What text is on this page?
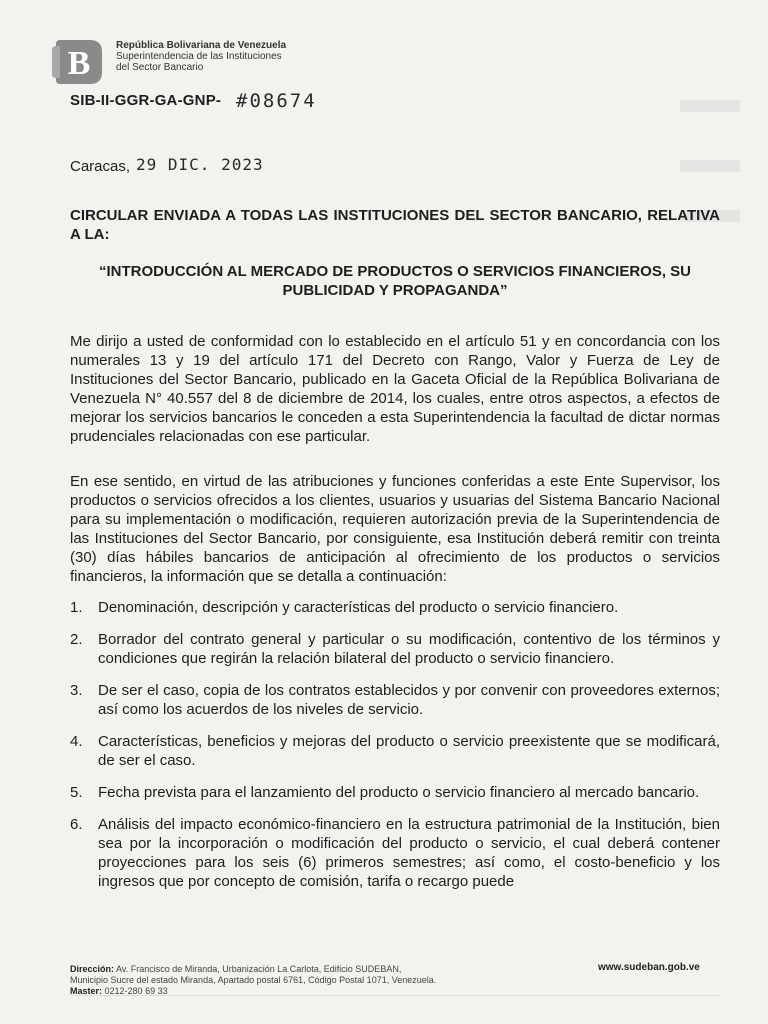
B	República Bolivariana de Venezuela
Superintendencia de las Instituciones
del Sector Bancario
SIB-II-GGR-GA-GNP- #08674
Caracas, 29 DIC. 2023

CIRCULAR ENVIADA A TODAS LAS INSTITUCIONES DEL SECTOR BANCARIO, RELATIVA A LA:

“INTRODUCCIÓN AL MERCADO DE PRODUCTOS O SERVICIOS FINANCIEROS, SU PUBLICIDAD Y PROPAGANDA”

Me dirijo a usted de conformidad con lo establecido en el artículo 51 y en concordancia con los numerales 13 y 19 del artículo 171 del Decreto con Rango, Valor y Fuerza de Ley de Instituciones del Sector Bancario, publicado en la Gaceta Oficial de la República Bolivariana de Venezuela N° 40.557 del 8 de diciembre de 2014, los cuales, entre otros aspectos, a efectos de mejorar los servicios bancarios le conceden a esta Superintendencia la facultad de dictar normas prudenciales relacionadas con ese particular.

En ese sentido, en virtud de las atribuciones y funciones conferidas a este Ente Supervisor, los productos o servicios ofrecidos a los clientes, usuarios y usuarias del Sistema Bancario Nacional para su implementación o modificación, requieren autorización previa de la Superintendencia de las Instituciones del Sector Bancario, por consiguiente, esa Institución deberá remitir con treinta (30) días hábiles bancarios de anticipación al ofrecimiento de los productos o servicios financieros, la información que se detalla a continuación:

1.	Denominación, descripción y características del producto o servicio financiero.
2.	Borrador del contrato general y particular o su modificación, contentivo de los términos y condiciones que regirán la relación bilateral del producto o servicio financiero.
3.	De ser el caso, copia de los contratos establecidos y por convenir con proveedores externos; así como los acuerdos de los niveles de servicio.
4.	Características, beneficios y mejoras del producto o servicio preexistente que se modificará, de ser el caso.
5.	Fecha prevista para el lanzamiento del producto o servicio financiero al mercado bancario.
6.	Análisis del impacto económico-financiero en la estructura patrimonial de la Institución, bien sea por la incorporación o modificación del producto o servicio, el cual deberá contener proyecciones para los seis (6) primeros semestres; así como, el costo-beneficio y los ingresos que por concepto de comisión, tarifa o recargo puede
Dirección: Av. Francisco de Miranda, Urbanización La Carlota, Edificio SUDEBAN,
Municipio Sucre del estado Miranda, Apartado postal 6761, Código Postal 1071, Venezuela.
Master: 0212-280 69 33
www.sudeban.gob.ve
